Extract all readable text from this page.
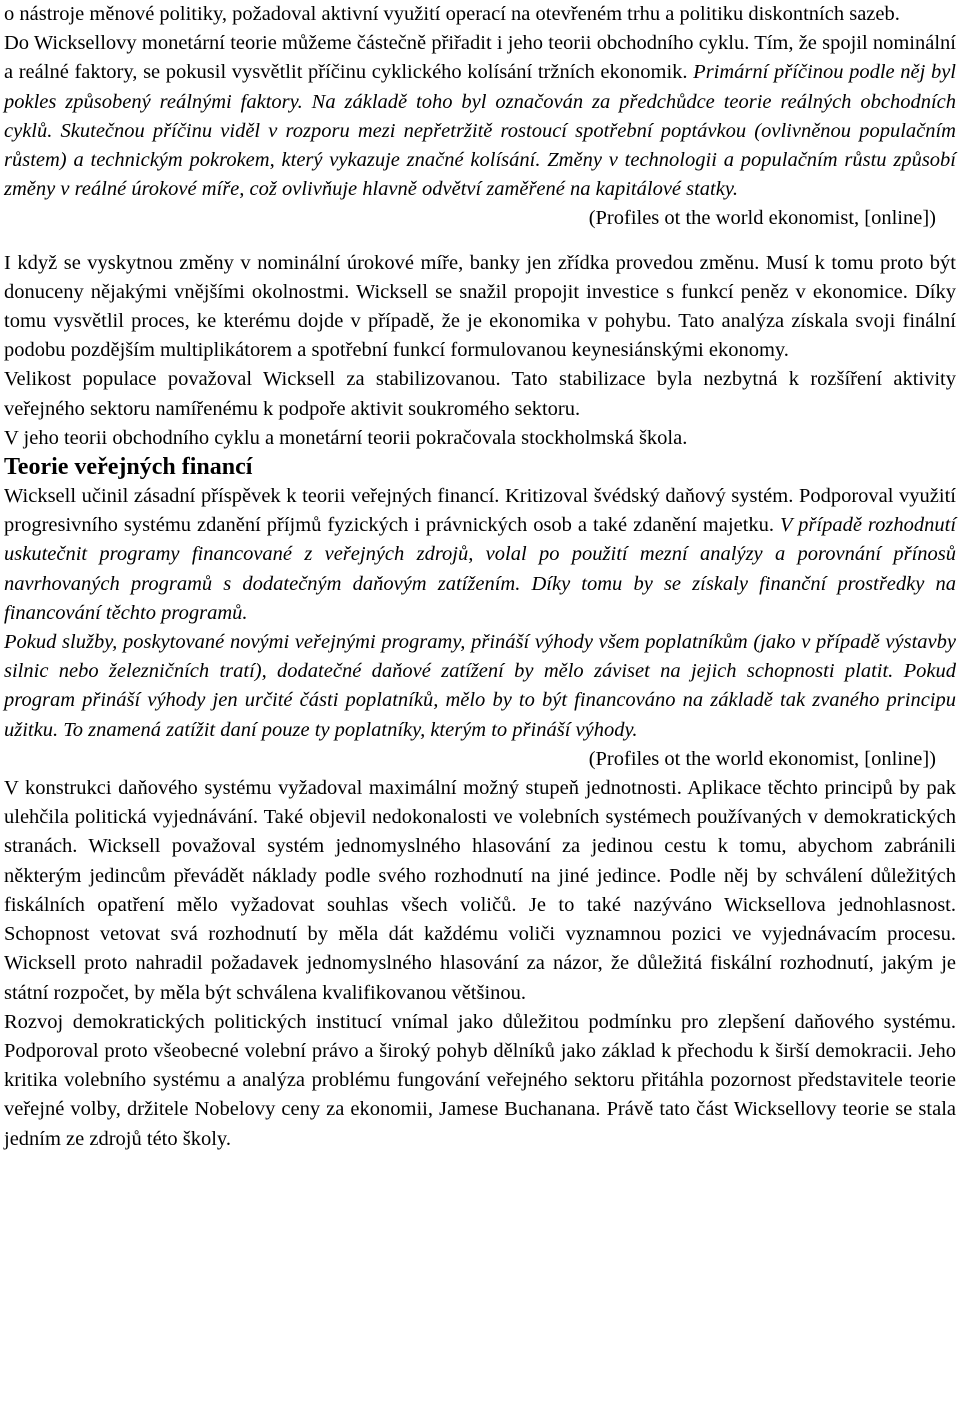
o nástroje měnové politiky, požadoval aktivní využití operací na otevřeném trhu a politiku diskontních sazeb.

Do Wicksellovy monetární teorie můžeme částečně přiřadit i jeho teorii obchodního cyklu. Tím, že spojil nominální a reálné faktory, se pokusil vysvětlit příčinu cyklického kolísání tržních ekonomik. Primární příčinou podle něj byl pokles způsobený reálnými faktory. Na základě toho byl označován za předchůdce teorie reálných obchodních cyklů. Skutečnou příčinu viděl v rozporu mezi nepřetržitě rostoucí spotřební poptávkou (ovlivněnou populačním růstem) a technickým pokrokem, který vykazuje značné kolísání. Změny v technologii a populačním růstu způsobí změny v reálné úrokové míře, což ovlivňuje hlavně odvětví zaměřené na kapitálové statky.

(Profiles ot the world ekonomist, [online])

I když se vyskytnou změny v nominální úrokové míře, banky jen zřídka provedou změnu. Musí k tomu proto být donuceny nějakými vnějšími okolnostmi. Wicksell se snažil propojit investice s funkcí peněz v ekonomice. Díky tomu vysvětlil proces, ke kterému dojde v případě, že je ekonomika v pohybu. Tato analýza získala svoji finální podobu pozdějším multiplikátorem a spotřební funkcí formulovanou keynesiánskými ekonomy.

Velikost populace považoval Wicksell za stabilizovanou. Tato stabilizace byla nezbytná k rozšíření aktivity veřejného sektoru namířenému k podpoře aktivit soukromého sektoru.

V jeho teorii obchodního cyklu a monetární teorii pokračovala stockholmská škola.

Teorie veřejných financí

Wicksell učinil zásadní příspěvek k teorii veřejných financí. Kritizoval švédský daňový systém. Podporoval využití progresivního systému zdanění příjmů fyzických i právnických osob a také zdanění majetku. V případě rozhodnutí uskutečnit programy financované z veřejných zdrojů, volal po použití mezní analýzy a porovnání přínosů navrhovaných programů s dodatečným daňovým zatížením. Díky tomu by se získaly finanční prostředky na financování těchto programů.

Pokud služby, poskytované novými veřejnými programy, přináší výhody všem poplatníkům (jako v případě výstavby silnic nebo železničních tratí), dodatečné daňové zatížení by mělo záviset na jejich schopnosti platit. Pokud program přináší výhody jen určité části poplatníků, mělo by to být financováno na základě tak zvaného principu užitku. To znamená zatížit daní pouze ty poplatníky, kterým to přináší výhody.

(Profiles ot the world ekonomist, [online])

V konstrukci daňového systému vyžadoval maximální možný stupeň jednotnosti. Aplikace těchto principů by pak ulehčila politická vyjednávání. Také objevil nedokonalosti ve volebních systémech používaných v demokratických stranách. Wicksell považoval systém jednomyslného hlasování za jedinou cestu k tomu, abychom zabránili některým jedincům převádět náklady podle svého rozhodnutí na jiné jedince. Podle něj by schválení důležitých fiskálních opatření mělo vyžadovat souhlas všech voličů. Je to také nazýváno Wicksellova jednohlasnost. Schopnost vetovat svá rozhodnutí by měla dát každému voliči vyznamnou pozici ve vyjednávacím procesu. Wicksell proto nahradil požadavek jednomyslného hlasování za názor, že důležitá fiskální rozhodnutí, jakým je státní rozpočet, by měla být schválena kvalifikovanou většinou.

Rozvoj demokratických politických institucí vnímal jako důležitou podmínku pro zlepšení daňového systému. Podporoval proto všeobecné volební právo a široký pohyb dělníků jako základ k přechodu k širší demokracii. Jeho kritika volebního systému a analýza problému fungování veřejného sektoru přitáhla pozornost představitele teorie veřejné volby, držitele Nobelovy ceny za ekonomii, Jamese Buchanana. Právě tato část Wicksellovy teorie se stala jedním ze zdrojů této školy.
